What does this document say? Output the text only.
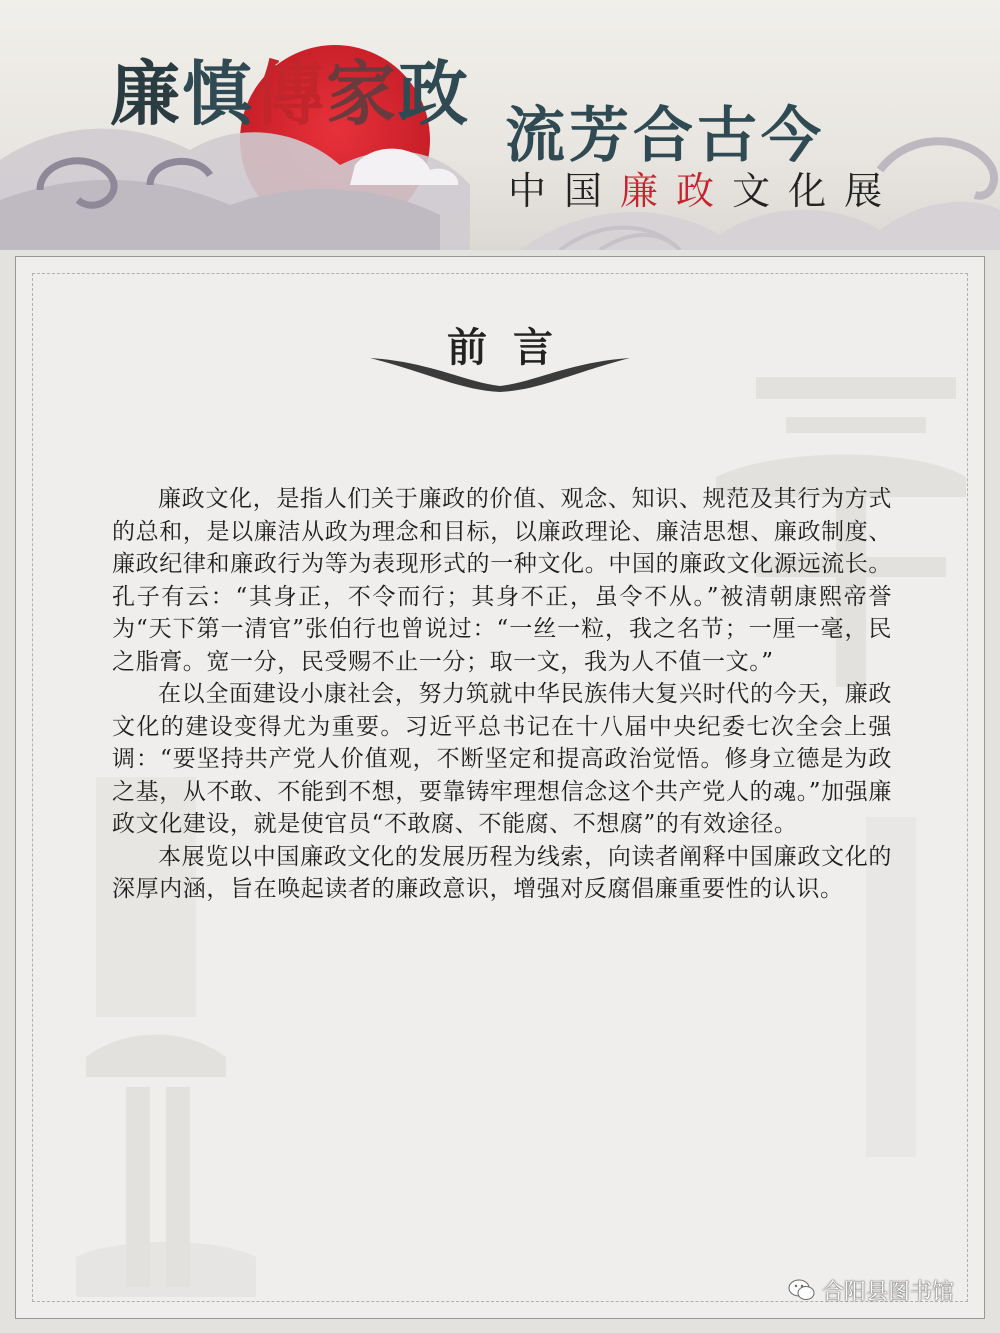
廉慎傳家政
流芳合古今
中国廉政文化展
前言

廉政文化，是指人们关于廉政的价值、观念、知识、规范及其行为方式的总和，是以廉洁从政为理念和目标，以廉政理论、廉洁思想、廉政制度、廉政纪律和廉政行为等为表现形式的一种文化。中国的廉政文化源远流长。孔子有云：“其身正，不令而行；其身不正，虽令不从。”被清朝康熙帝誉为“天下第一清官”张伯行也曾说过：“一丝一粒，我之名节；一厘一毫，民之脂膏。宽一分，民受赐不止一分；取一文，我为人不值一文。”

在以全面建设小康社会，努力筑就中华民族伟大复兴时代的今天，廉政文化的建设变得尤为重要。习近平总书记在十八届中央纪委七次全会上强调：“要坚持共产党人价值观，不断坚定和提高政治觉悟。修身立德是为政之基，从不敢、不能到不想，要靠铸牢理想信念这个共产党人的魂。”加强廉政文化建设，就是使官员“不敢腐、不能腐、不想腐”的有效途径。

本展览以中国廉政文化的发展历程为线索，向读者阐释中国廉政文化的深厚内涵，旨在唤起读者的廉政意识，增强对反腐倡廉重要性的认识。

合阳县图书馆
